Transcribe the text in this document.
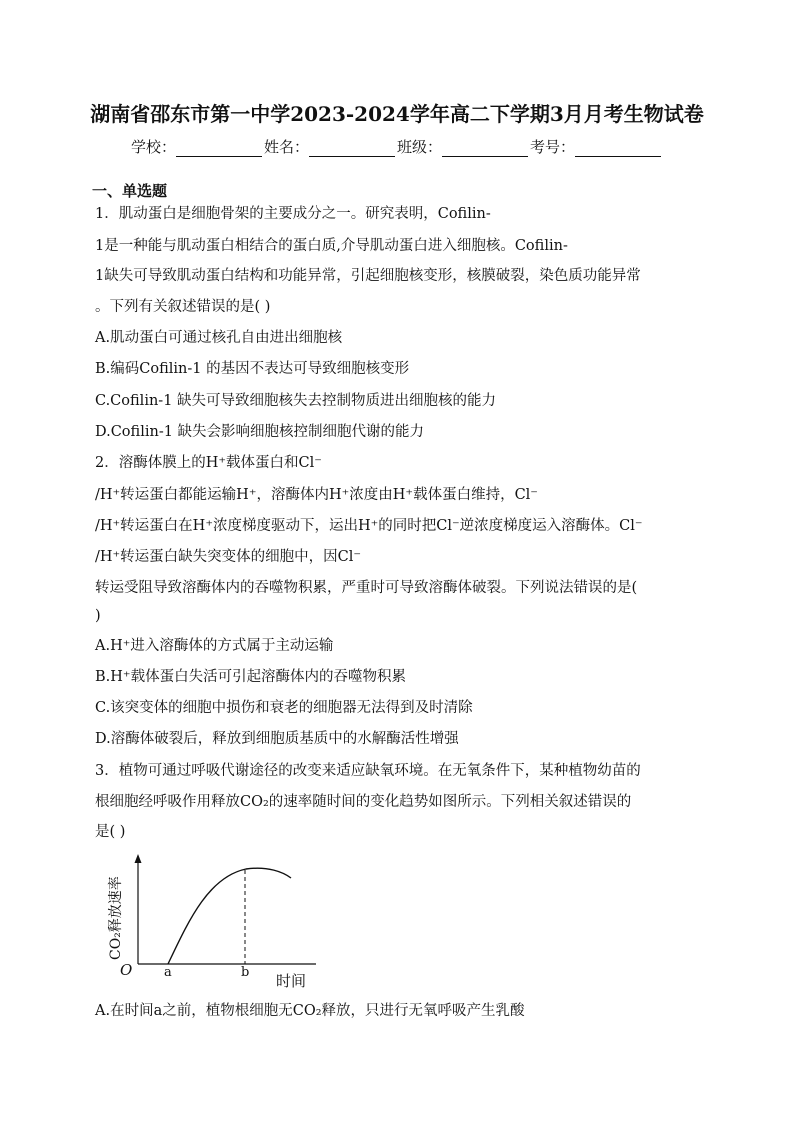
湖南省邵东市第一中学2023-2024学年高二下学期3月月考生物试卷
学校：	姓名：	班级：	考号：
一、单选题
1．肌动蛋白是细胞骨架的主要成分之一。研究表明，Cofilin-
1是一种能与肌动蛋白相结合的蛋白质,介导肌动蛋白进入细胞核。Cofilin-
1缺失可导致肌动蛋白结构和功能异常，引起细胞核变形，核膜破裂，染色质功能异常
。下列有关叙述错误的是( )
A.肌动蛋白可通过核孔自由进出细胞核
B.编码Cofilin-1 的基因不表达可导致细胞核变形
C.Cofilin-1 缺失可导致细胞核失去控制物质进出细胞核的能力
D.Cofilin-1 缺失会影响细胞核控制细胞代谢的能力
2．溶酶体膜上的H⁺载体蛋白和Cl⁻
/H⁺转运蛋白都能运输H⁺，溶酶体内H⁺浓度由H⁺载体蛋白维持，Cl⁻
/H⁺转运蛋白在H⁺浓度梯度驱动下，运出H⁺的同时把Cl⁻逆浓度梯度运入溶酶体。Cl⁻
/H⁺转运蛋白缺失突变体的细胞中，因Cl⁻
转运受阻导致溶酶体内的吞噬物积累，严重时可导致溶酶体破裂。下列说法错误的是(
)
A.H⁺进入溶酶体的方式属于主动运输
B.H⁺载体蛋白失活可引起溶酶体内的吞噬物积累
C.该突变体的细胞中损伤和衰老的细胞器无法得到及时清除
D.溶酶体破裂后，释放到细胞质基质中的水解酶活性增强
3．植物可通过呼吸代谢途径的改变来适应缺氧环境。在无氧条件下，某种植物幼苗的
根细胞经呼吸作用释放CO₂的速率随时间的变化趋势如图所示。下列相关叙述错误的
是( )
O a	b 时间
CO₂释放速率
A.在时间a之前，植物根细胞无CO₂释放，只进行无氧呼吸产生乳酸
